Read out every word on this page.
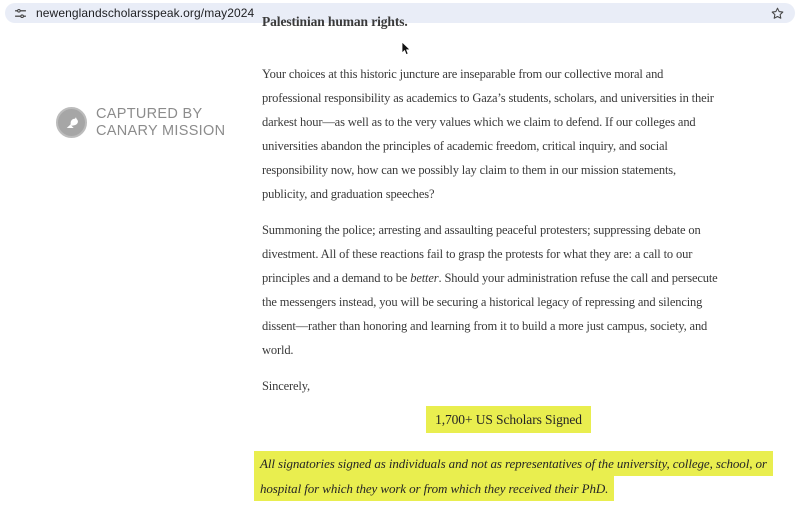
newenglandscholarsspeak.org/may2024
CAPTURED BY
CANARY MISSION
Palestinian human rights.
Your choices at this historic juncture are inseparable from our collective moral and
professional responsibility as academics to Gaza’s students, scholars, and universities in their
darkest hour—as well as to the very values which we claim to defend. If our colleges and
universities abandon the principles of academic freedom, critical inquiry, and social
responsibility now, how can we possibly lay claim to them in our mission statements,
publicity, and graduation speeches?
Summoning the police; arresting and assaulting peaceful protesters; suppressing debate on
divestment. All of these reactions fail to grasp the protests for what they are: a call to our
principles and a demand to be better. Should your administration refuse the call and persecute
the messengers instead, you will be securing a historical legacy of repressing and silencing
dissent—rather than honoring and learning from it to build a more just campus, society, and
world.
Sincerely,
1,700+ US Scholars Signed
All signatories signed as individuals and not as representatives of the university, college, school, or
hospital for which they work or from which they received their PhD.
